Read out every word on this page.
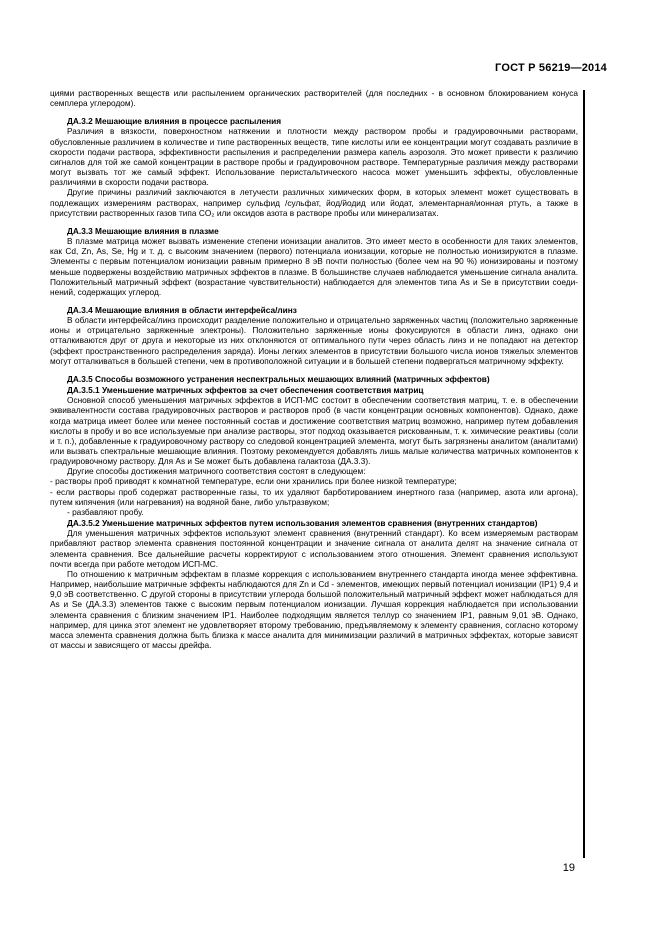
ГОСТ Р 56219—2014

циями растворенных веществ или распылением органических растворителей (для последних - в основном блокированием конуса семплера углеродом).

ДА.3.2 Мешающие влияния в процессе распыления

Различия в вязкости, поверхностном натяжении и плотности между раствором пробы и градуировочными растворами, обусловленные различием в количестве и типе растворенных веществ, типе кислоты или ее концентрации могут создавать различие в скорости подачи раствора, эффективности распыления и распределении размера капель аэрозоля. Это может привести к различию сигналов для той же самой концентрации в растворе пробы и градуировочном растворе. Температурные различия между растворами могут вызвать тот же самый эффект. Использование перистальтического насоса может уменьшить эффекты, обусловленные различиями в скорости подачи раствора.

Другие причины различий заключаются в летучести различных химических форм, в которых элемент может существовать в подлежащих измерениям растворах, например сульфид /сульфат, йод/йодид или йодат, элементарная/ионная ртуть, а также в присутствии растворенных газов типа CO₂ или оксидов азота в растворе пробы или минерализатах.

ДА.3.3 Мешающие влияния в плазме

В плазме матрица может вызвать изменение степени ионизации аналитов. Это имеет место в особенности для таких элементов, как Cd, Zn, As, Se, Hg и т. д. с высоким значением (первого) потенциала ионизации, которые не полностью ионизируются в плазме. Элементы с первым потенциалом ионизации равным примерно 8 эВ почти полностью (более чем на 90 %) ионизированы и поэтому меньше подвержены воздействию матричных эффектов в плазме. В большинстве случаев наблюдается уменьшение сигнала аналита. Положительный матричный эффект (возрастание чувствительности) наблюдается для элементов типа As и Se в присутствии соединений, содержащих углерод.

ДА.3.4 Мешающие влияния в области интерфейса/линз

В области интерфейса/линз происходит разделение положительно и отрицательно заряженных частиц (положительно заряженные ионы и отрицательно заряженные электроны). Положительно заряженные ионы фокусируются в области линз, однако они отталкиваются друг от друга и некоторые из них отклоняются от оптимального пути через область линз и не попадают на детектор (эффект пространственного распределения заряда). Ионы легких элементов в присутствии большого числа ионов тяжелых элементов могут отталкиваться в большей степени, чем в противоположной ситуации и в большей степени подвергаться матричному эффекту.

ДА.3.5 Способы возможного устранения неспектральных мешающих влияний (матричных эффектов)
ДА.3.5.1 Уменьшение матричных эффектов за счет обеспечения соответствия матриц

Основной способ уменьшения матричных эффектов в ИСП-МС состоит в обеспечении соответствия матриц, т. е. в обеспечении эквивалентности состава градуировочных растворов и растворов проб (в части концентрации основных компонентов). Однако, даже когда матрица имеет более или менее постоянный состав и достижение соответствия матриц возможно, например путем добавления кислоты в пробу и во все используемые при анализе растворы, этот подход оказывается рискованным, т. к. химические реактивы (соли и т. п.), добавленные к градуировочному раствору со следовой концентрацией элемента, могут быть загрязнены аналитом (аналитами) или вызвать спектральные мешающие влияния. Поэтому рекомендуется добавлять лишь малые количества матричных компонентов к градуировочному раствору. Для As и Se может быть добавлена галактоза (ДА.3.3).

Другие способы достижения матричного соответствия состоят в следующем:

- растворы проб приводят к комнатной температуре, если они хранились при более низкой температуре;

- если растворы проб содержат растворенные газы, то их удаляют барботированием инертного газа (например, азота или аргона), путем кипячения (или нагревания) на водяной бане, либо ультразвуком;

- разбавляют пробу.

ДА.3.5.2 Уменьшение матричных эффектов путем использования элементов сравнения (внутренних стандартов)

Для уменьшения матричных эффектов используют элемент сравнения (внутренний стандарт). Ко всем измеряемым растворам прибавляют раствор элемента сравнения постоянной концентрации и значение сигнала от аналита делят на значение сигнала от элемента сравнения. Все дальнейшие расчеты корректируют с использованием этого отношения. Элемент сравнения используют почти всегда при работе методом ИСП-МС.

По отношению к матричным эффектам в плазме коррекция с использованием внутреннего стандарта иногда менее эффективна. Например, наибольшие матричные эффекты наблюдаются для Zn и Cd - элементов, имеющих первый потенциал ионизации (IP1) 9,4 и 9,0 эВ соответственно. С другой стороны в присутствии углерода большой положительный матричный эффект может наблюдаться для As и Se (ДА.3.3) элементов также с высоким первым потенциалом ионизации. Лучшая коррекция наблюдается при использовании элемента сравнения с близким значением IP1. Наиболее подходящим является теллур со значением IP1, равным 9,01 эВ. Однако, например, для цинка этот элемент не удовлетворяет второму требованию, предъявляемому к элементу сравнения, согласно которому масса элемента сравнения должна быть близка к массе аналита для минимизации различий в матричных эффектах, которые зависят от массы и зависящего от массы дрейфа.

19
